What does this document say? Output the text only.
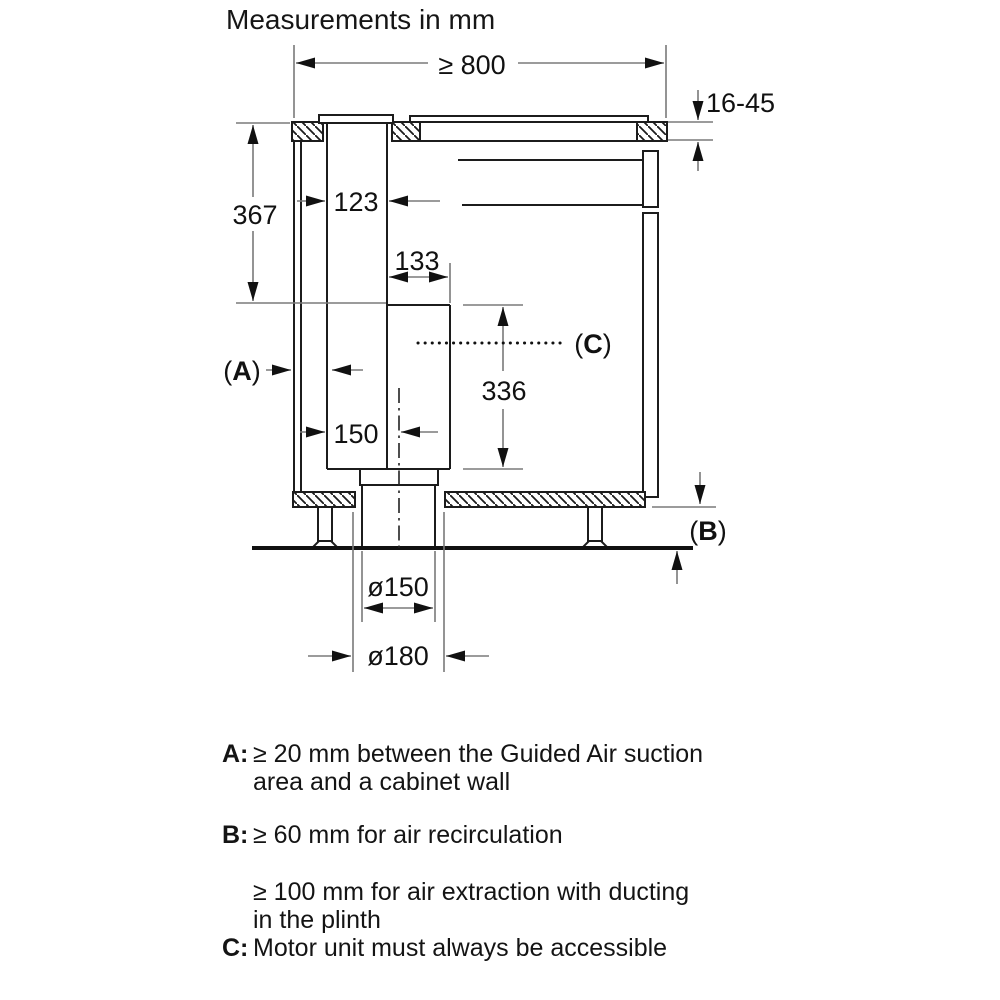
Measurements in mm
≥ 800
16-45
367 123
133
336
150
ø150
ø180
(A)
(C)
(B)
A: ≥ 20 mm between the Guided Air suction
area and a cabinet wall
B: ≥ 60 mm for air recirculation
≥ 100 mm for air extraction with ducting
in the plinth
C: Motor unit must always be accessible
